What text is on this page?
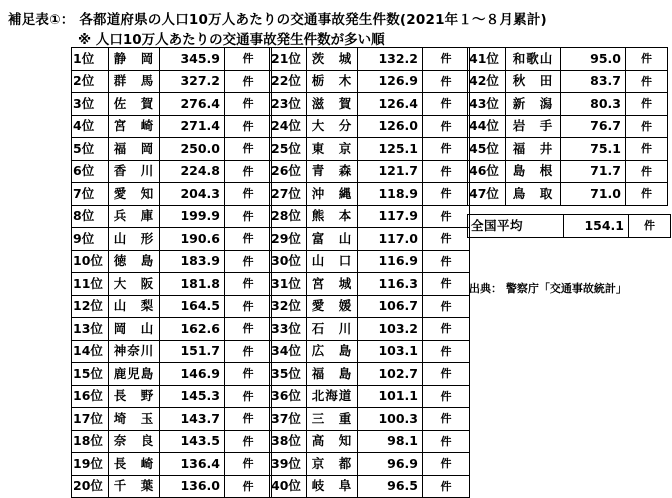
補足表①： 各都道府県の人口10万人あたりの交通事故発生件数(2021年１～８月累計)
※ 人口10万人あたりの交通事故発生件数が多い順
1位	静　岡	345.9	件
2位	群　馬	327.2	件
3位	佐　賀	276.4	件
4位	宮　崎	271.4	件
5位	福　岡	250.0	件
6位	香　川	224.8	件
7位	愛　知	204.3	件
8位	兵　庫	199.9	件
9位	山　形	190.6	件
10位	徳　島	183.9	件
11位	大　阪	181.8	件
12位	山　梨	164.5	件
13位	岡　山	162.6	件
14位	神奈川	151.7	件
15位	鹿児島	146.9	件
16位	長　野	145.3	件
17位	埼　玉	143.7	件
18位	奈　良	143.5	件
19位	長　崎	136.4	件
20位	千　葉	136.0	件
21位	茨　城	132.2	件
22位	栃　木	126.9	件
23位	滋　賀	126.4	件
24位	大　分	126.0	件
25位	東　京	125.1	件
26位	青　森	121.7	件
27位	沖　縄	118.9	件
28位	熊　本	117.9	件
29位	富　山	117.0	件
30位	山　口	116.9	件
31位	宮　城	116.3	件
32位	愛　媛	106.7	件
33位	石　川	103.2	件
34位	広　島	103.1	件
35位	福　島	102.7	件
36位	北海道	101.1	件
37位	三　重	100.3	件
38位	高　知	98.1	件
39位	京　都	96.9	件
40位	岐　阜	96.5	件
41位	和歌山	95.0	件
42位	秋　田	83.7	件
43位	新　潟	80.3	件
44位	岩　手	76.7	件
45位	福　井	75.1	件
46位	島　根	71.7	件
47位	鳥　取	71.0	件
全国平均	154.1	件
出典： 警察庁「交通事故統計」
